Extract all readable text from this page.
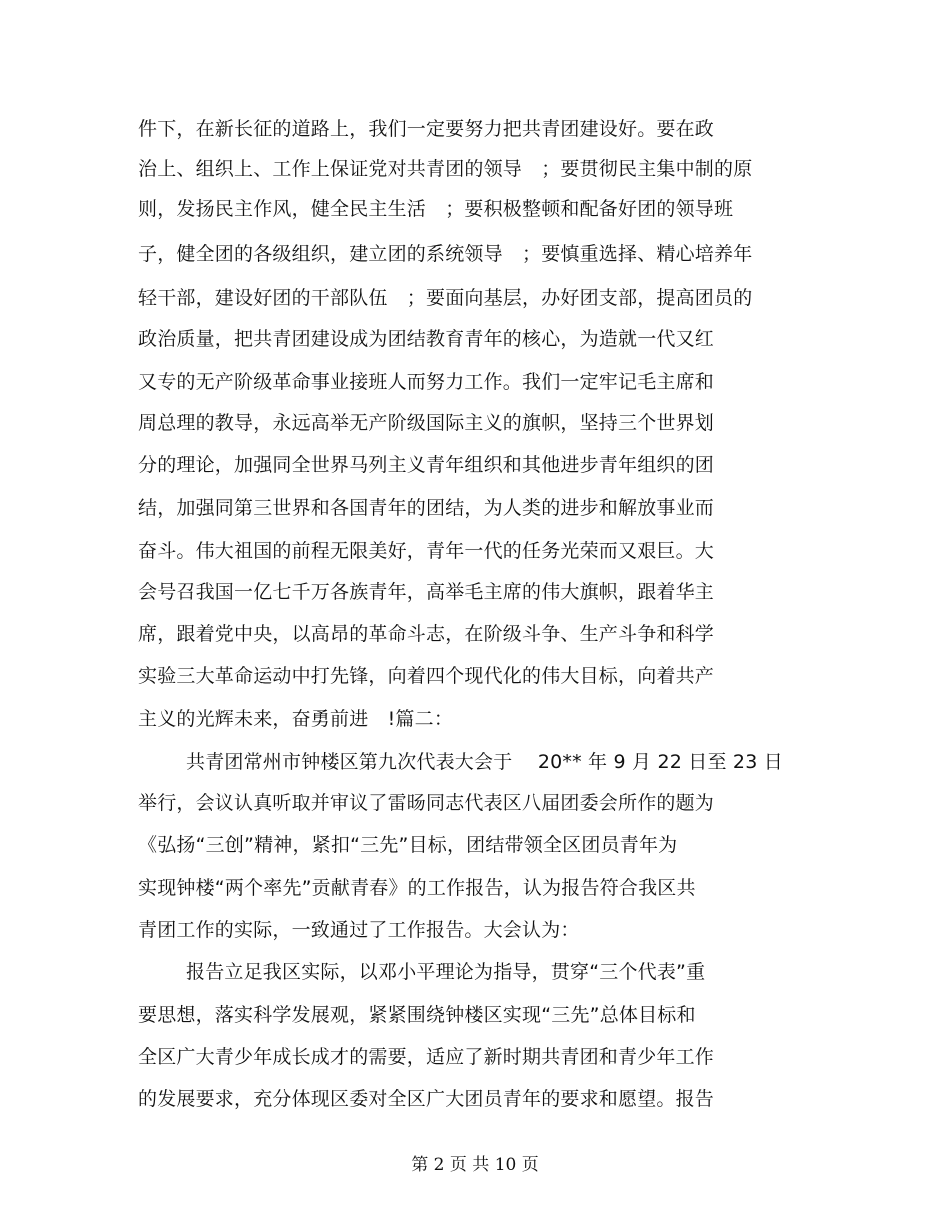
件下，在新长征的道路上，我们一定要努力把共青团建设好。要在政
治上、组织上、工作上保证党对共青团的领导　；要贯彻民主集中制的原
则，发扬民主作风，健全民主生活　；要积极整顿和配备好团的领导班
子，健全团的各级组织，建立团的系统领导　；要慎重选择、精心培养年
轻干部，建设好团的干部队伍　；要面向基层，办好团支部，提高团员的
政治质量，把共青团建设成为团结教育青年的核心，为造就一代又红
又专的无产阶级革命事业接班人而努力工作。我们一定牢记毛主席和
周总理的教导，永远高举无产阶级国际主义的旗帜，坚持三个世界划
分的理论，加强同全世界马列主义青年组织和其他进步青年组织的团
结，加强同第三世界和各国青年的团结，为人类的进步和解放事业而
奋斗。伟大祖国的前程无限美好，青年一代的任务光荣而又艰巨。大
会号召我国一亿七千万各族青年，高举毛主席的伟大旗帜，跟着华主
席，跟着党中央，以高昂的革命斗志，在阶级斗争、生产斗争和科学
实验三大革命运动中打先锋，向着四个现代化的伟大目标，向着共产
主义的光辉未来，奋勇前进　!篇二：
共青团常州市钟楼区第九次代表大会于　 20** 年 9 月 22 日至 23 日
举行，会议认真听取并审议了雷旸同志代表区八届团委会所作的题为
《弘扬“三创”精神，紧扣“三先”目标，团结带领全区团员青年为
实现钟楼“两个率先”贡献青春》的工作报告，认为报告符合我区共
青团工作的实际，一致通过了工作报告。大会认为：
报告立足我区实际，以邓小平理论为指导，贯穿“三个代表”重
要思想，落实科学发展观，紧紧围绕钟楼区实现“三先”总体目标和
全区广大青少年成长成才的需要，适应了新时期共青团和青少年工作
的发展要求，充分体现区委对全区广大团员青年的要求和愿望。报告
第 2 页 共 10 页
